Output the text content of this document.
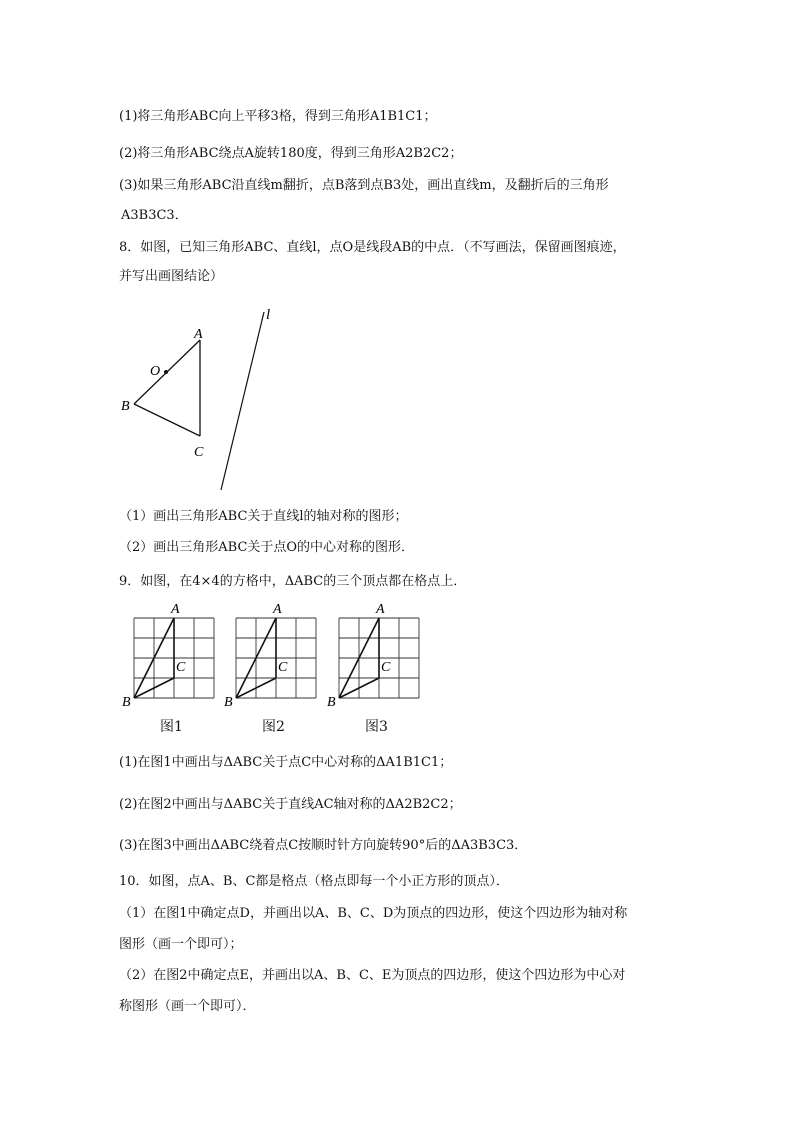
(1)将三角形ABC向上平移3格，得到三角形A1B1C1；
(2)将三角形ABC绕点A旋转180度，得到三角形A2B2C2；
(3)如果三角形ABC沿直线m翻折，点B落到点B3处，画出直线m，及翻折后的三角形
A3B3C3．
8．如图，已知三角形ABC、直线l，点O是线段AB的中点．（不写画法，保留画图痕迹，
并写出画图结论）
A
B
C
O
l
（1）画出三角形ABC关于直线l的轴对称的图形；
（2）画出三角形ABC关于点O的中心对称的图形．
9．如图，在4×4的方格中，ΔABC的三个顶点都在格点上．
A
B
C
图1
A
B
C
图2
A
B
C
图3
(1)在图1中画出与ΔABC关于点C中心对称的ΔA1B1C1；
(2)在图2中画出与ΔABC关于直线AC轴对称的ΔA2B2C2；
(3)在图3中画出ΔABC绕着点C按顺时针方向旋转90°后的ΔA3B3C3．
10．如图，点A、B、C都是格点（格点即每一个小正方形的顶点）．
（1）在图1中确定点D，并画出以A、B、C、D为顶点的四边形，使这个四边形为轴对称
图形（画一个即可）；
（2）在图2中确定点E，并画出以A、B、C、E为顶点的四边形，使这个四边形为中心对
称图形（画一个即可）．
